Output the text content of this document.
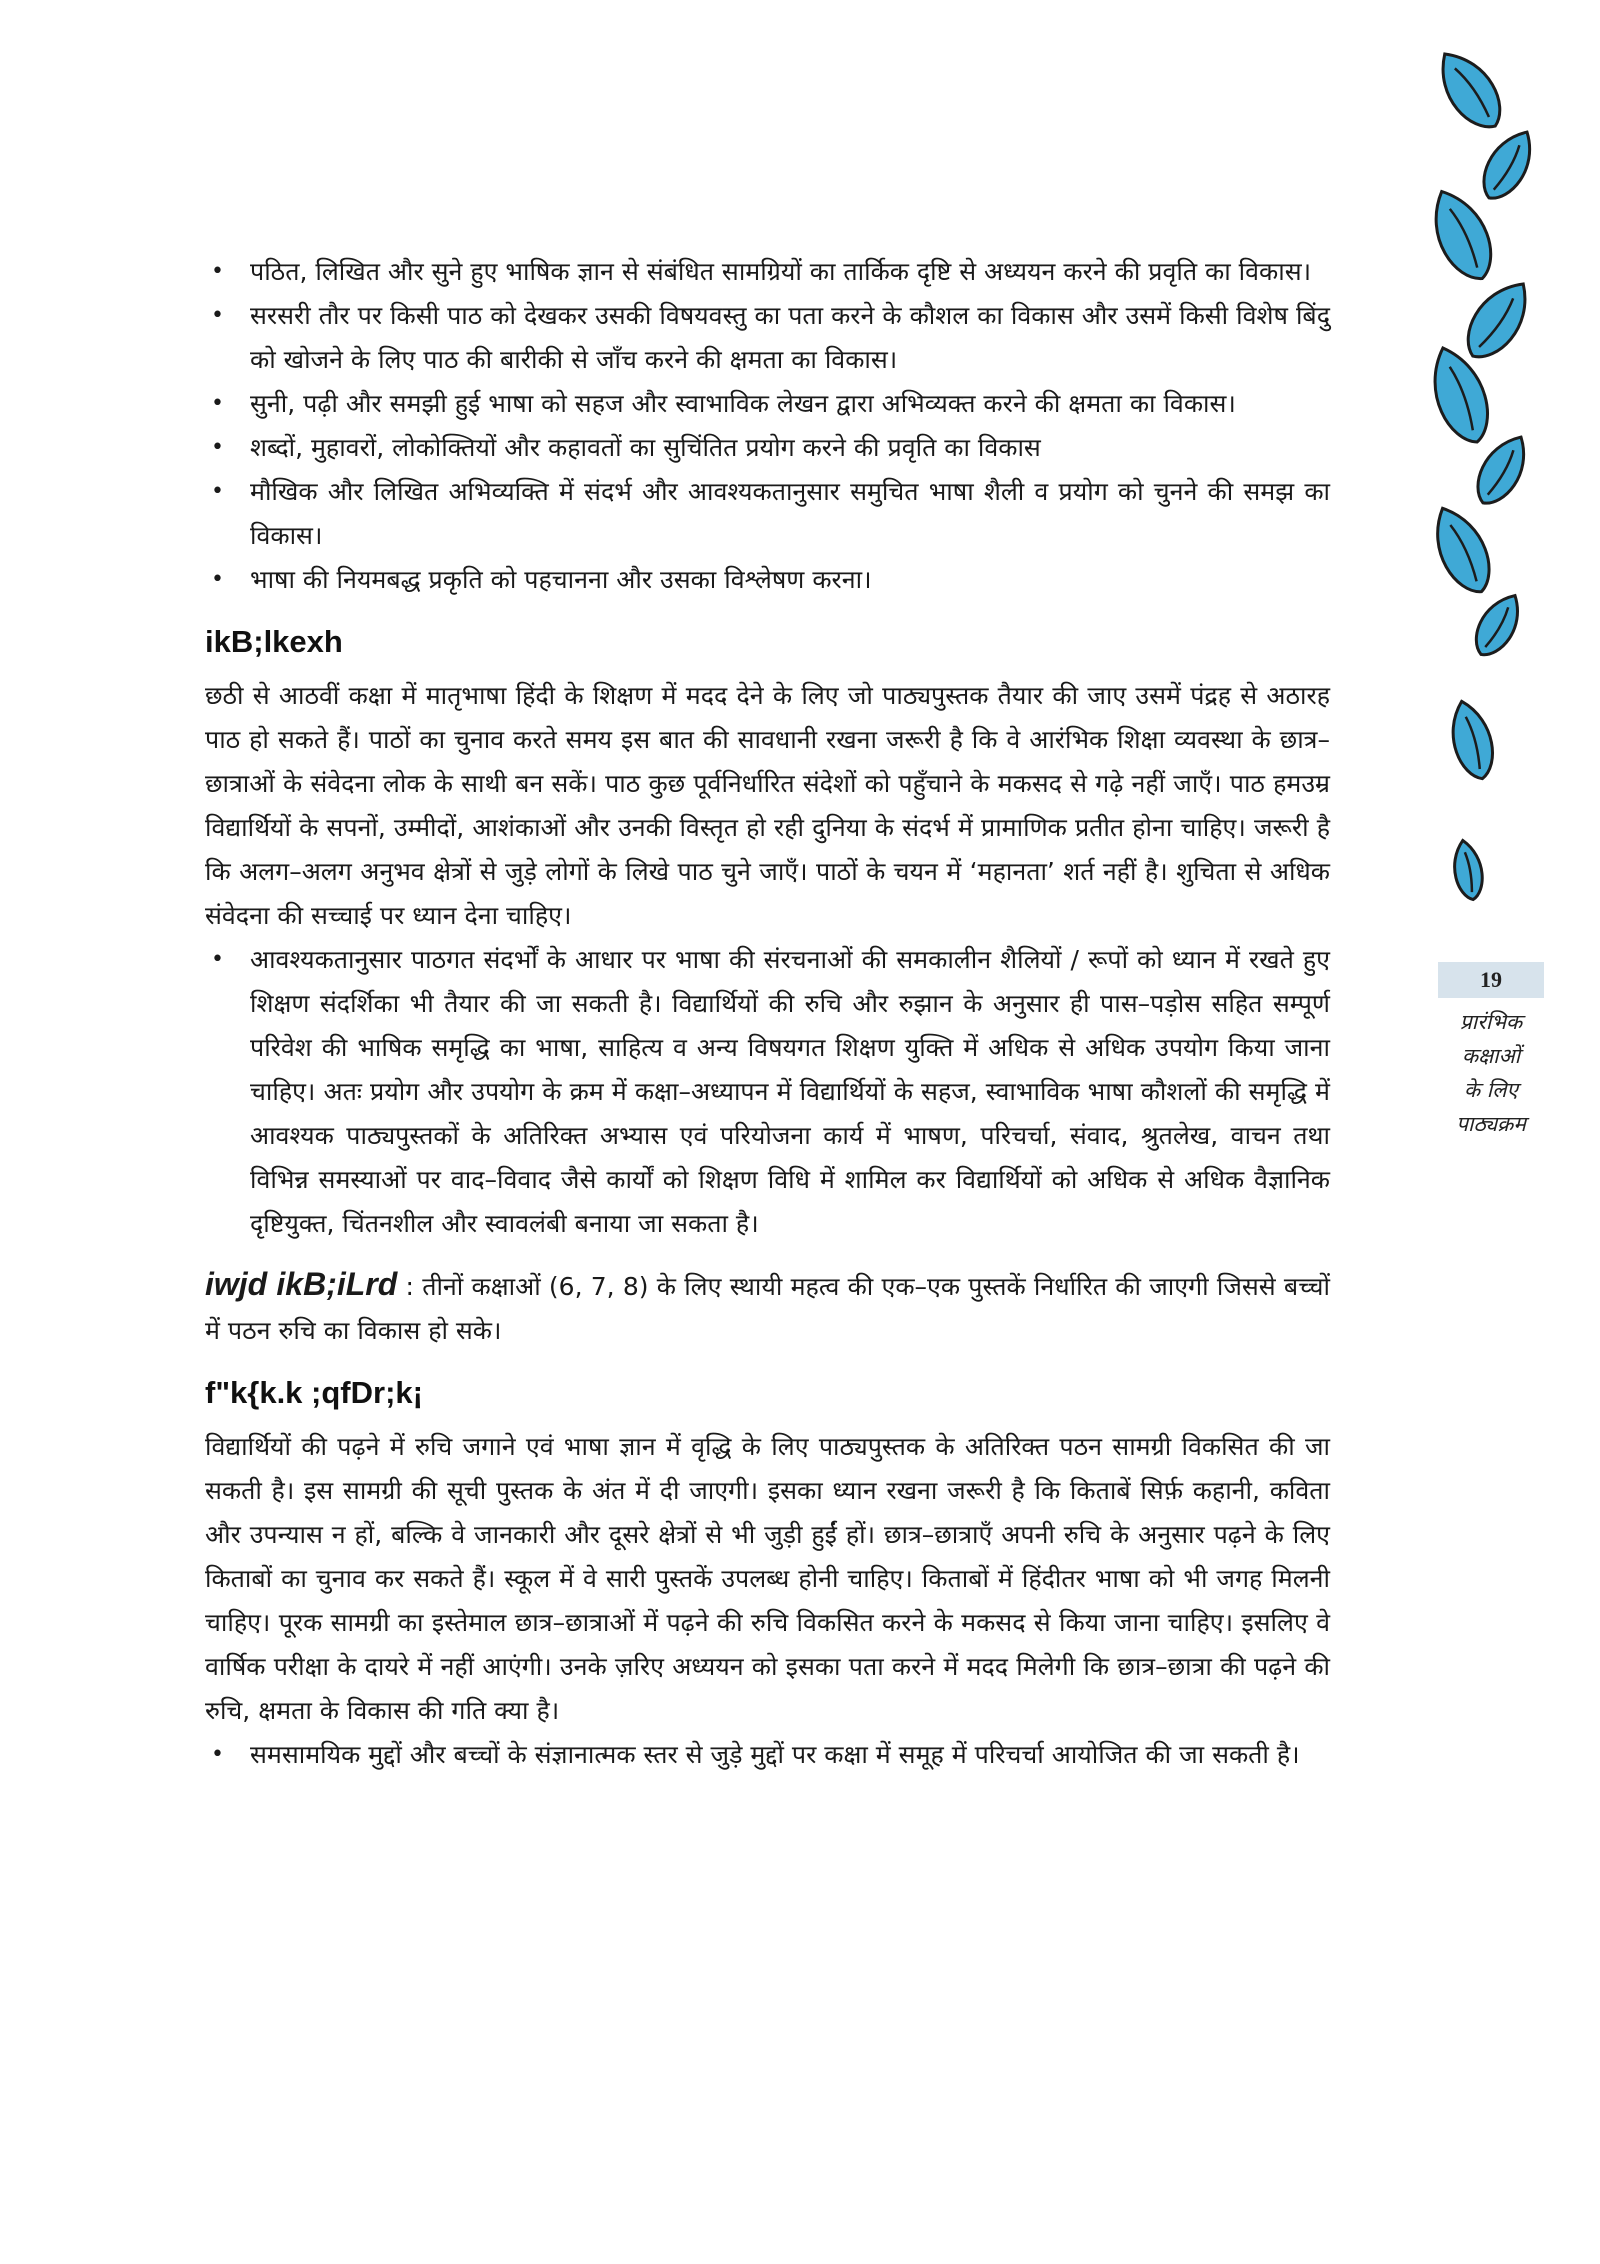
• पठित, लिखित और सुने हुए भाषिक ज्ञान से संबंधित सामग्रियों का तार्किक दृष्टि से अध्ययन करने की प्रवृति का विकास।
• सरसरी तौर पर किसी पाठ को देखकर उसकी विषयवस्तु का पता करने के कौशल का विकास और उसमें किसी विशेष बिंदु को खोजने के लिए पाठ की बारीकी से जाँच करने की क्षमता का विकास।
• सुनी, पढ़ी और समझी हुई भाषा को सहज और स्वाभाविक लेखन द्वारा अभिव्यक्त करने की क्षमता का विकास।
• शब्दों, मुहावरों, लोकोक्तियों और कहावतों का सुचिंतित प्रयोग करने की प्रवृति का विकास
• मौखिक और लिखित अभिव्यक्ति में संदर्भ और आवश्यकतानुसार समुचित भाषा शैली व प्रयोग को चुनने की समझ का विकास।
• भाषा की नियमबद्ध प्रकृति को पहचानना और उसका विश्लेषण करना।
ikB;lkexh

छठी से आठवीं कक्षा में मातृभाषा हिंदी के शिक्षण में मदद देने के लिए जो पाठ्यपुस्तक तैयार की जाए उसमें पंद्रह से अठारह पाठ हो सकते हैं। पाठों का चुनाव करते समय इस बात की सावधानी रखना जरूरी है कि वे आरंभिक शिक्षा व्यवस्था के छात्र–छात्राओं के संवेदना लोक के साथी बन सकें। पाठ कुछ पूर्वनिर्धारित संदेशों को पहुँचाने के मकसद से गढ़े नहीं जाएँ। पाठ हमउम्र विद्यार्थियों के सपनों, उम्मीदों, आशंकाओं और उनकी विस्तृत हो रही दुनिया के संदर्भ में प्रामाणिक प्रतीत होना चाहिए। जरूरी है कि अलग–अलग अनुभव क्षेत्रों से जुड़े लोगों के लिखे पाठ चुने जाएँ। पाठों के चयन में ‘महानता’ शर्त नहीं है। शुचिता से अधिक संवेदना की सच्चाई पर ध्यान देना चाहिए।

• आवश्यकतानुसार पाठगत संदर्भों के आधार पर भाषा की संरचनाओं की समकालीन शैलियों / रूपों को ध्यान में रखते हुए शिक्षण संदर्शिका भी तैयार की जा सकती है। विद्यार्थियों की रुचि और रुझान के अनुसार ही पास–पड़ोस सहित सम्पूर्ण परिवेश की भाषिक समृद्धि का भाषा, साहित्य व अन्य विषयगत शिक्षण युक्ति में अधिक से अधिक उपयोग किया जाना चाहिए। अतः प्रयोग और उपयोग के क्रम में कक्षा–अध्यापन में विद्यार्थियों के सहज, स्वाभाविक भाषा कौशलों की समृद्धि में आवश्यक पाठ्यपुस्तकों के अतिरिक्त अभ्यास एवं परियोजना कार्य में भाषण, परिचर्चा, संवाद, श्रुतलेख, वाचन तथा विभिन्न समस्याओं पर वाद–विवाद जैसे कार्यों को शिक्षण विधि में शामिल कर विद्यार्थियों को अधिक से अधि‍क वैज्ञानिक दृष्टियुक्त, चिंतनशील और स्वावलंबी बनाया जा सकता है।

iwjd ikB;iLrd : तीनों कक्षाओं (6, 7, 8) के लिए स्थायी महत्व की एक–एक पुस्तकें निर्धारित की जाएगी जिससे बच्चों में पठन रुचि का विकास हो सके।

f"k{k.k ;qfDr;k¡

विद्यार्थियों की पढ़ने में रुचि जगाने एवं भाषा ज्ञान में वृद्धि के लिए पाठ्यपुस्तक के अतिरिक्त पठन सामग्री विकसित की जा सकती है। इस सामग्री की सूची पुस्तक के अंत में दी जाएगी। इसका ध्यान रखना जरूरी है कि किताबें सिर्फ़ कहानी, कविता और उपन्यास न हों, बल्कि वे जानकारी और दूसरे क्षेत्रों से भी जुड़ी हुईं हों। छात्र–छात्राएँ अपनी रुचि के अनुसार पढ़ने के लिए किताबों का चुनाव कर सकते हैं। स्कूल में वे सारी पुस्तकें उपलब्ध होनी चाहिए। किताबों में हिंदीतर भाषा को भी जगह मिलनी चाहिए। पूरक सामग्री का इस्तेमाल छात्र–छात्राओं में पढ़ने की रुचि विकसित करने के मकसद से किया जाना चाहिए। इसलिए वे वार्षिक परीक्षा के दायरे में नहीं आएंगी। उनके ज़रिए अध्ययन को इसका पता करने में मदद मिलेगी कि छात्र–छात्रा की पढ़ने की रुचि, क्षमता के विकास की गति क्या है।

• समसामयिक मुद्दों और बच्चों के संज्ञानात्मक स्तर से जुड़े मुद्दों पर कक्षा में समूह में परिचर्चा आयोजित की जा सकती है।
19
प्रारंभिक
कक्षाओं
के लिए
पाठ्यक्रम
